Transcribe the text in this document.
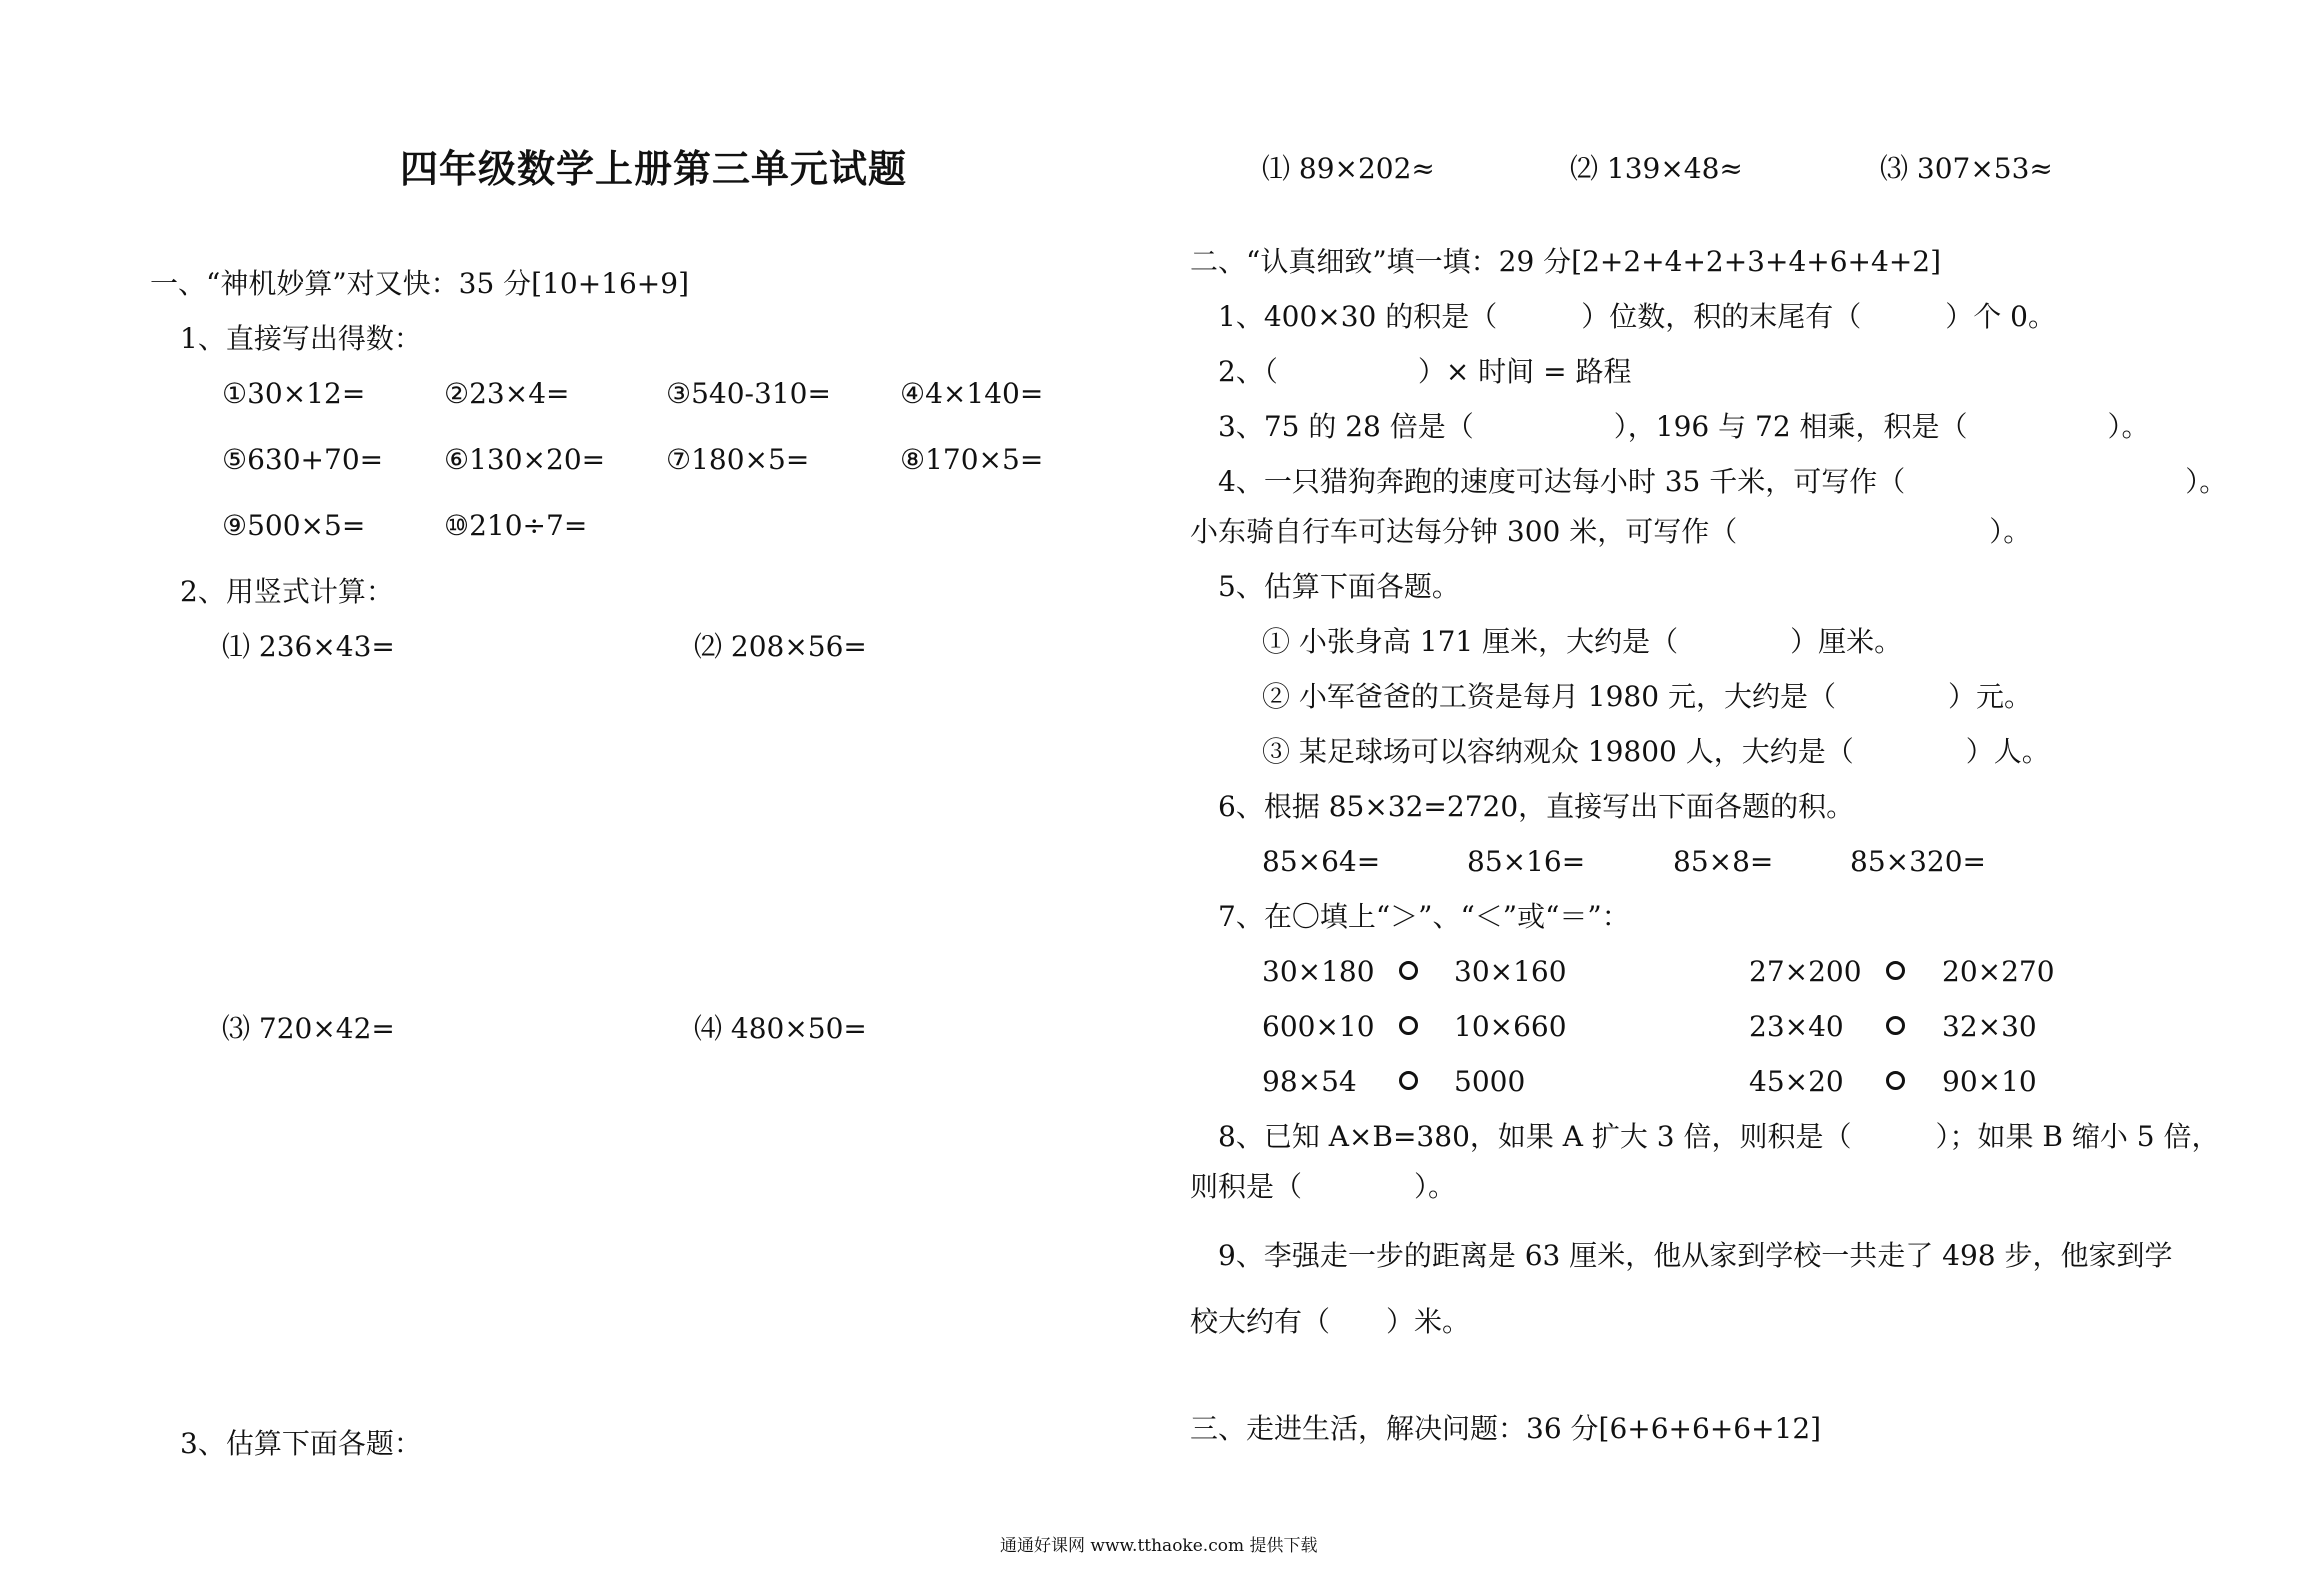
四年级数学上册第三单元试题
一、“神机妙算”对又快：35 分[10+16+9]
1、直接写出得数：
①30×12=	②23×4=	③540-310= ④4×140=
⑤630+70= ⑥130×20= ⑦180×5=	⑧170×5=
⑨500×5=	⑩210÷7=
2、用竖式计算：
⑴ 236×43=	⑵ 208×56=
⑶ 720×42=	⑷ 480×50=
3、估算下面各题：
⑴ 89×202≈	⑵ 139×48≈	⑶ 307×53≈
二、“认真细致”填一填：29 分[2+2+4+2+3+4+6+4+2]
1、400×30 的积是（　　　）位数，积的末尾有（　　　）个 0。
2、（　　　　　）× 时间 = 路程
3、75 的 28 倍是（　　　　　），196 与 72 相乘，积是（　　　　　）。
4、一只猎狗奔跑的速度可达每小时 35 千米，可写作（　　　　　　　　　　）。
小东骑自行车可达每分钟 300 米，可写作（　　　　　　　　　）。
5、估算下面各题。
① 小张身高 171 厘米，大约是（　　　　）厘米。
② 小军爸爸的工资是每月 1980 元，大约是（　　　　）元。
③ 某足球场可以容纳观众 19800 人，大约是（　　　　）人。
6、根据 85×32=2720，直接写出下面各题的积。
85×64=	85×16=	85×8=	85×320=
7、在〇填上“＞”、“＜”或“＝”：
30×180	30×160	27×200	20×270
600×10	10×660	23×40	32×30
98×54	5000	45×20	90×10
8、已知 A×B=380，如果 A 扩大 3 倍，则积是（　　　）；如果 B 缩小 5 倍，
则积是（　　　　）。
9、李强走一步的距离是 63 厘米，他从家到学校一共走了 498 步，他家到学
校大约有（　　）米。
三、走进生活，解决问题：36 分[6+6+6+6+12]
通通好课网 www.tthaoke.com 提供下载
